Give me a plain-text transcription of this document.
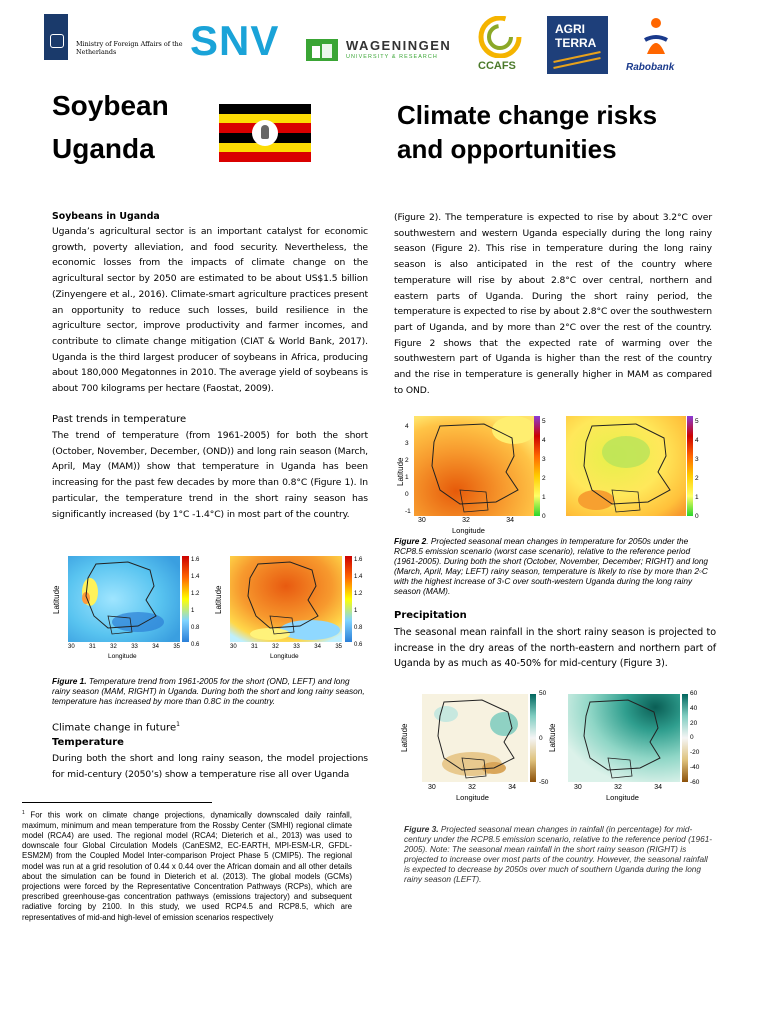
Ministry of Foreign Affairs of the Netherlands	SNV	WAGENINGEN
UNIVERSITY & RESEARCH
CCAFS
AGRI
TERRA
Rabobank
Soybean
Uganda
Climate change risks
and opportunities
Soybeans in Uganda
Uganda’s agricultural sector is an important catalyst for economic growth, poverty alleviation, and food security. Nevertheless, the economic losses from the impacts of climate change on the agricultural sector by 2050 are estimated to be about US$1.5 billion (Zinyengere et al., 2016). Climate-smart agriculture practices present an opportunity to reduce such losses, build resilience in the agriculture sector, improve productivity and farmer incomes, and contribute to climate change mitigation (CIAT & World Bank, 2017). Uganda is the third largest producer of soybeans in Africa, producing about 180,000 Megatonnes in 2010. The average yield of soybeans is about 700 kilograms per hectare (Faostat, 2009).
Past trends in temperature
The trend of temperature (from 1961-2005) for both the short (October, November, December, (OND)) and long rain season (March, April, May (MAM)) show that temperature in Uganda has been increasing for the past few decades by more than 0.8°C (Figure 1). In particular, the temperature trend in the short rainy season has significantly increased (by 1°C -1.4°C) in most part of the country.
Latitude
1.6
1.4
1.2
1
0.8
0.6
30 31 32 33 34 35
Longitude
Latitude
1.6
1.4
1.2
1
0.8
0.6
30 31 32 33 34 35
Longitude
Figure 1. Temperature trend from 1961-2005 for the short (OND, LEFT) and long rainy season (MAM, RIGHT) in Uganda. During both the short and long rainy season, temperature has increased by more than 0.8C in the country.
Climate change in future$^1$
Temperature
During both the short and long rainy season, the model projections for mid-century (2050’s) show a temperature rise all over Uganda
$^1$ For this work on climate change projections, dynamically downscaled daily rainfall, maximum, minimum and mean temperature from the Rossby Center (SMHI) regional climate model (RCA4) are used. The regional model (RCA4; Dieterich et al., 2013) was used to downscale four Global Circulation Models (CanESM2, EC-EARTH, MPI-ESM-LR, GFDL-ESM2M) from the Coupled Model Inter-comparison Project Phase 5 (CMIP5). The regional model was run at a grid resolution of 0.44 x 0.44 over the African domain and all other details about the simulation can be found in Dieterich et al. (2013). The global models (GCMs) projections were forced by the Representative Concentration Pathways (RCPs), which are prescribed greenhouse-gas concentration pathways (emissions trajectory) and subsequent radiative forcing by 2100. In this study, we used RCP4.5 and RCP8.5, which are representatives of mid-and high-level of emission scenarios respectively
(Figure 2). The temperature is expected to rise by about 3.2°C over southwestern and western Uganda especially during the long rainy season (Figure 2). This rise in temperature during the long rainy season is also anticipated in the rest of the country where temperature will rise by about 2.8°C over central, northern and eastern parts of Uganda. During the short rainy period, the temperature is expected to rise by about 2.8°C over the southwestern part of Uganda, and by more than 2°C over the rest of the country. Figure 2 shows that the expected rate of warming over the southwestern part of Uganda is higher than the rest of the country and the rise in temperature is generally higher in MAM as compared to OND.
Latitude
4
3
2
1
0
-1
5
4
3
2
1
0
30	32	34
Longitude
5
4
3
2
1
0
Figure 2. Projected seasonal mean changes in temperature for 2050s under the RCP8.5 emission scenario (worst case scenario), relative to the reference period (1961-2005). During both the short (October, November, December; RIGHT) and long (March, April, May; LEFT) rainy season, temperature is likely to rise by more than 2◦C with the highest increase of 3◦C over south-western Uganda during the long rainy season (MAM).
Precipitation
The seasonal mean rainfall in the short rainy season is projected to increase in the dry areas of the north-eastern and northern part of Uganda by as much as 40-50% for mid-century (Figure 3).
Latitude
50
0
-50
30	32	34
Longitude
Latitude
60
40
20
0
-20
-40
-60
30	32	34
Longitude
Figure 3. Projected seasonal mean changes in rainfall (in percentage) for mid-century under the RCP8.5 emission scenario, relative to the reference period (1961-2005). Note: The seasonal mean rainfall in the short rainy season (RIGHT) is projected to increase over most parts of the country. However, the seasonal rainfall is expected to decrease by 2050s over much of southern Uganda during the long rainy season (LEFT).
